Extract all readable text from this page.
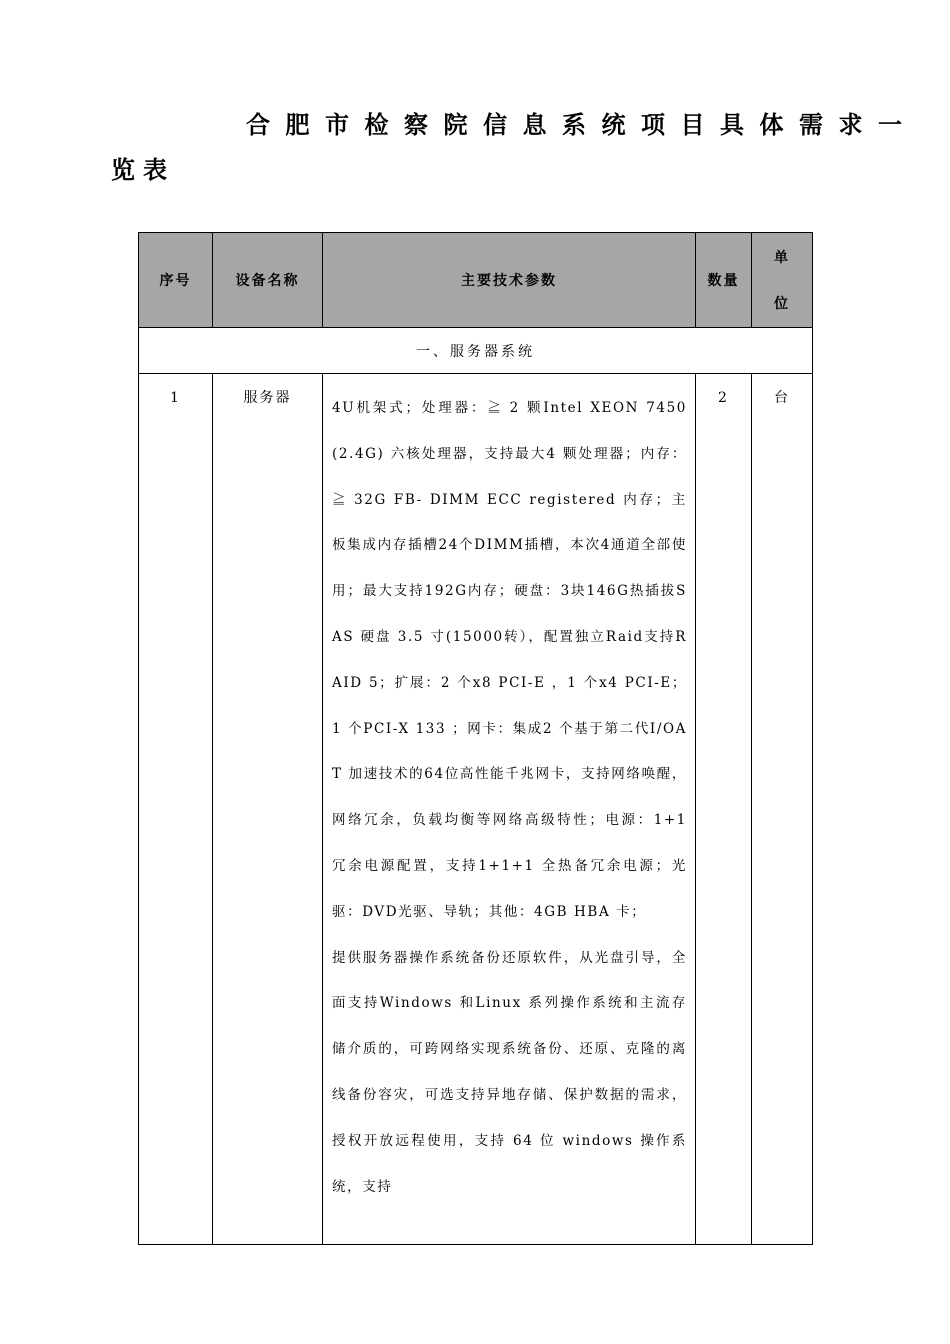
合肥市检察院信息系统项目具体需求一
览表
序号	设备名称	主要技术参数	数量	单
位

一、服务器系统				

1	服务器	4U机架式；处理器：≧ 2 颗Intel XEON 7450(2.4G) 六核处理器，支持最大4 颗处理器；内存：≧ 32G FB- DIMM ECC registered 内存；主板集成内存插槽24个DIMM插槽，本次4通道全部使用；最大支持192G内存；硬盘：3块146G热插拔SAS 硬盘 3.5 寸(15000转），配置独立Raid支持RAID 5；扩展：2 个x8 PCI-E ，1 个x4 PCI-E；1 个PCI-X 133 ；网卡：集成2 个基于第二代I/OAT 加速技术的64位高性能千兆网卡，支持网络唤醒，网络冗余，负载均衡等网络高级特性；电源：1+1 冗余电源配置，支持1+1+1 全热备冗余电源；光驱：DVD光驱、导轨；其他：4GB HBA 卡；

提供服务器操作系统备份还原软件，从光盘引导，全面支持Windows 和Linux 系列操作系统和主流存储介质的，可跨网络实现系统备份、还原、克隆的离线备份容灾，可选支持异地存储、保护数据的需求，授权开放远程使用，支持 64 位 windows 操作系统，支持	2	台
